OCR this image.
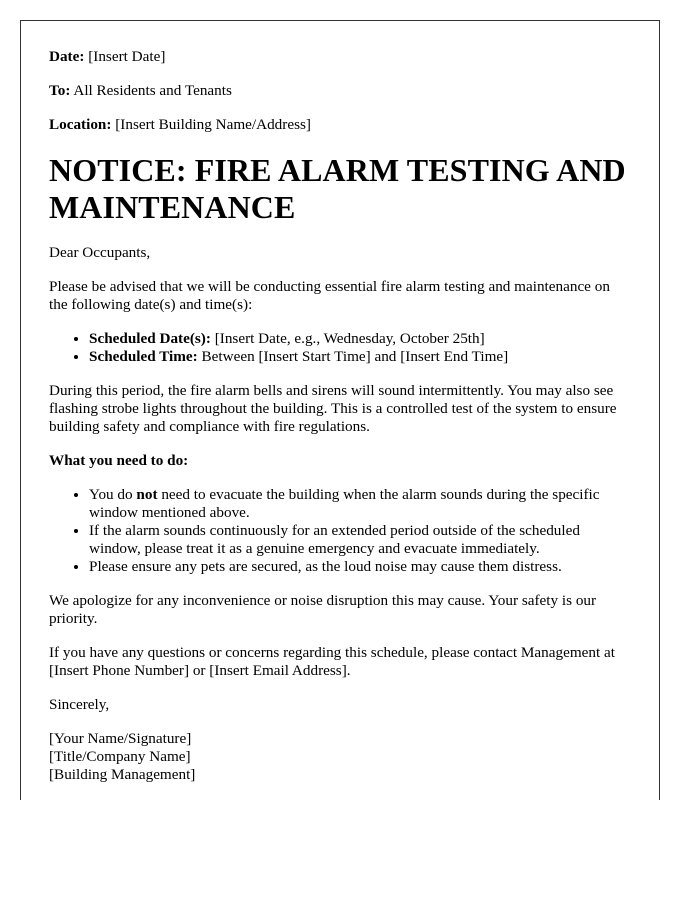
Date: [Insert Date]

To: All Residents and Tenants

Location: [Insert Building Name/Address]

NOTICE: FIRE ALARM TESTING AND MAINTENANCE

Dear Occupants,

Please be advised that we will be conducting essential fire alarm testing and maintenance on the following date(s) and time(s):

• Scheduled Date(s): [Insert Date, e.g., Wednesday, October 25th]
• Scheduled Time: Between [Insert Start Time] and [Insert End Time]

During this period, the fire alarm bells and sirens will sound intermittently. You may also see flashing strobe lights throughout the building. This is a controlled test of the system to ensure building safety and compliance with fire regulations.

What you need to do:

• You do not need to evacuate the building when the alarm sounds during the specific window mentioned above.
• If the alarm sounds continuously for an extended period outside of the scheduled window, please treat it as a genuine emergency and evacuate immediately.
• Please ensure any pets are secured, as the loud noise may cause them distress.

We apologize for any inconvenience or noise disruption this may cause. Your safety is our priority.

If you have any questions or concerns regarding this schedule, please contact Management at [Insert Phone Number] or [Insert Email Address].

Sincerely,

[Your Name/Signature]

[Title/Company Name]

[Building Management]
